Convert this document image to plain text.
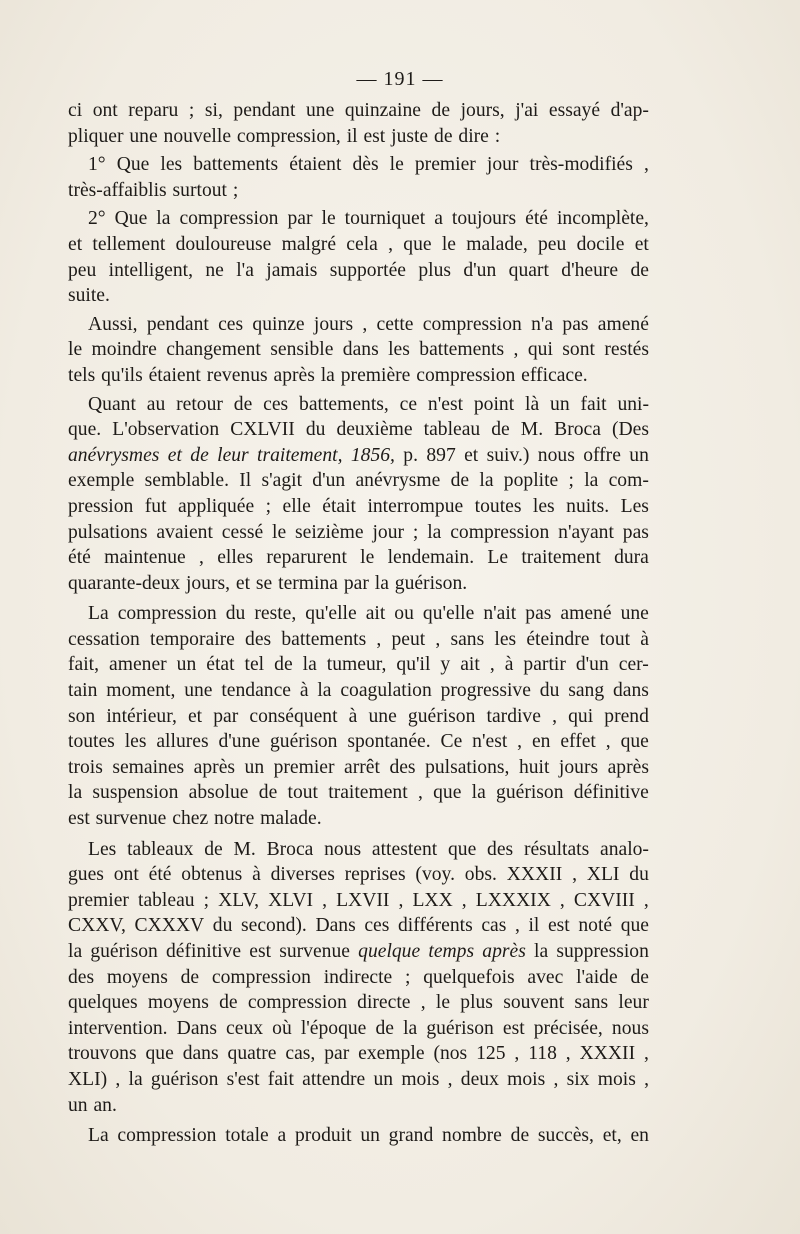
— 191 —
ci ont reparu ; si, pendant une quinzaine de jours, j'ai essayé d'ap-
pliquer une nouvelle compression, il est juste de dire :
1° Que les battements étaient dès le premier jour très-modifiés ,
très-affaiblis surtout ;
2° Que la compression par le tourniquet a toujours été incomplète,
et tellement douloureuse malgré cela , que le malade, peu docile et
peu intelligent, ne l'a jamais supportée plus d'un quart d'heure de
suite.
Aussi, pendant ces quinze jours , cette compression n'a pas amené
le moindre changement sensible dans les battements , qui sont restés
tels qu'ils étaient revenus après la première compression efficace.
Quant au retour de ces battements, ce n'est point là un fait uni-
que. L'observation CXLVII du deuxième tableau de M. Broca (Des
anévrysmes et de leur traitement, 1856, p. 897 et suiv.) nous offre un
exemple semblable. Il s'agit d'un anévrysme de la poplite ; la com-
pression fut appliquée ; elle était interrompue toutes les nuits. Les
pulsations avaient cessé le seizième jour ; la compression n'ayant pas
été maintenue , elles reparurent le lendemain. Le traitement dura
quarante-deux jours, et se termina par la guérison.
La compression du reste, qu'elle ait ou qu'elle n'ait pas amené une
cessation temporaire des battements , peut , sans les éteindre tout à
fait, amener un état tel de la tumeur, qu'il y ait , à partir d'un cer-
tain moment, une tendance à la coagulation progressive du sang dans
son intérieur, et par conséquent à une guérison tardive , qui prend
toutes les allures d'une guérison spontanée. Ce n'est , en effet , que
trois semaines après un premier arrêt des pulsations, huit jours après
la suspension absolue de tout traitement , que la guérison définitive
est survenue chez notre malade.
Les tableaux de M. Broca nous attestent que des résultats analo-
gues ont été obtenus à diverses reprises (voy. obs. XXXII , XLI du
premier tableau ; XLV, XLVI , LXVII , LXX , LXXXIX , CXVIII ,
CXXV, CXXXV du second). Dans ces différents cas , il est noté que
la guérison définitive est survenue quelque temps après la suppression
des moyens de compression indirecte ; quelquefois avec l'aide de
quelques moyens de compression directe , le plus souvent sans leur
intervention. Dans ceux où l'époque de la guérison est précisée, nous
trouvons que dans quatre cas, par exemple (nos 125 , 118 , XXXII ,
XLI) , la guérison s'est fait attendre un mois , deux mois , six mois ,
un an.
La compression totale a produit un grand nombre de succès, et, en
